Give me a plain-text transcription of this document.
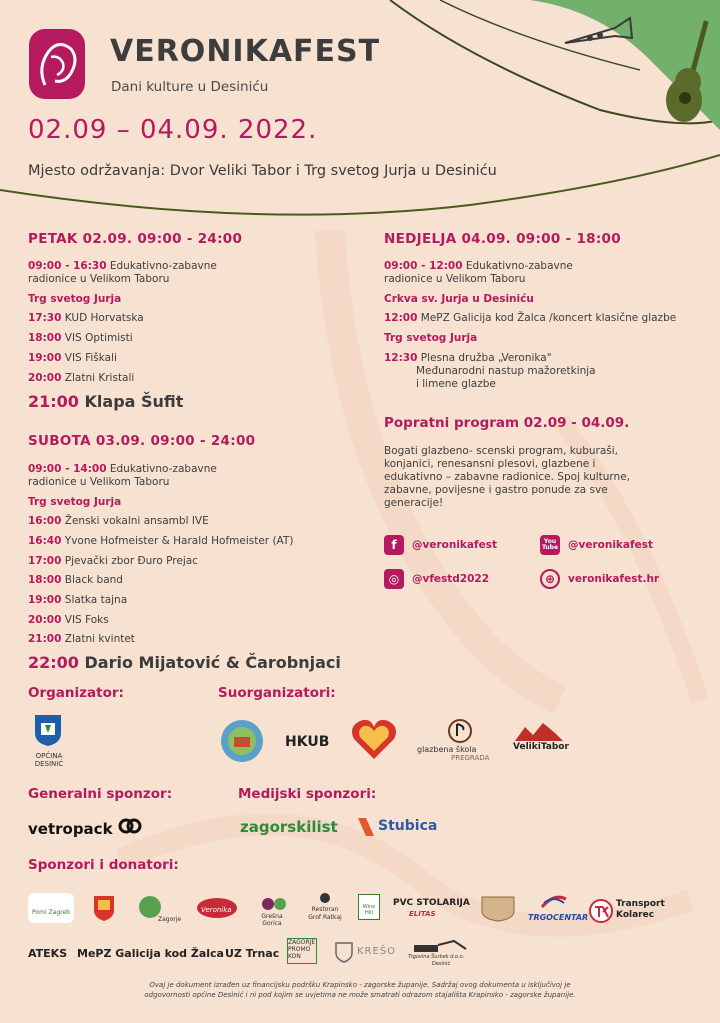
VERONIKAFEST
Dani kulture u Desiniću
02.09 – 04.09. 2022.
Mjesto održavanja: Dvor Veliki Tabor i Trg svetog Jurja u Desiniću
PETAK 02.09. 09:00 - 24:00
09:00 - 16:30 Edukativno-zabavne
radionice u Velikom Taboru
Trg svetog Jurja
17:30 KUD Horvatska
18:00 VIS Optimisti
19:00 VIS Fiškali
20:00 Zlatni Kristali
21:00 Klapa Šufit
SUBOTA 03.09. 09:00 - 24:00
09:00 - 14:00 Edukativno-zabavne
radionice u Velikom Taboru
Trg svetog Jurja
16:00 Ženski vokalni ansambl IVE
16:40 Yvone Hofmeister & Harald Hofmeister (AT)
17:00 Pjevački zbor Đuro Prejac
18:00 Black band
19:00 Slatka tajna
20:00 VIS Foks
21:00 Zlatni kvintet
22:00 Dario Mijatović & Čarobnjaci
NEDJELJA 04.09. 09:00 - 18:00
09:00 - 12:00 Edukativno-zabavne
radionice u Velikom Taboru
Crkva sv. Jurja u Desiniću
12:00 MePZ Galicija kod Žalca /koncert klasične glazbe
Trg svetog Jurja
12:30 Plesna družba „Veronika"
Međunarodni nastup mažoretkinja
i limene glazbe
Popratni program 02.09 - 04.09.
Bogati glazbeno- scenski program, kuburaši,
konjanici, renesansni plesovi, glazbene i
edukativno – zabavne radionice. Spoj kulturne,
zabavne, povijesne i gastro ponude za sve
generacije!
f	@veronikafest	You Tube @veronikafest
◎	@vfestd2022	⊕	veronikafest.hr
Organizator:	Suorganizatori:
OPĆINA DESINIĆ
HKUB	glazbena škola
PREGRADA
VelikiTabor
Generalni sponzor:	Medijski sponzori:
vetropack	zagorskilist	Stubica
Sponzori i donatori:
Pomi Zagreb
Zagorje
Veronika
Grešna Gorica
Restoran Grof Ratkaj
Wine Hill
PVC STOLARIJA
ELITAS	TRGOCENTAR
Transport
Kolarec
ATEKS MePZ Galicija kod Žalca UZ Trnac
ZAGORJE PROMO KON	KREŠO Trgovina Šurbek d.o.o.
Desinić
Ovaj je dokument izrađen uz financijsku podršku Krapinsko - zagorske županije. Sadržaj ovog dokumenta u isključivoj je
odgovornosti općine Desinić i ni pod kojim se uvjetima ne može smatrati odrazom stajališta Krapinsko - zagorske županije.
